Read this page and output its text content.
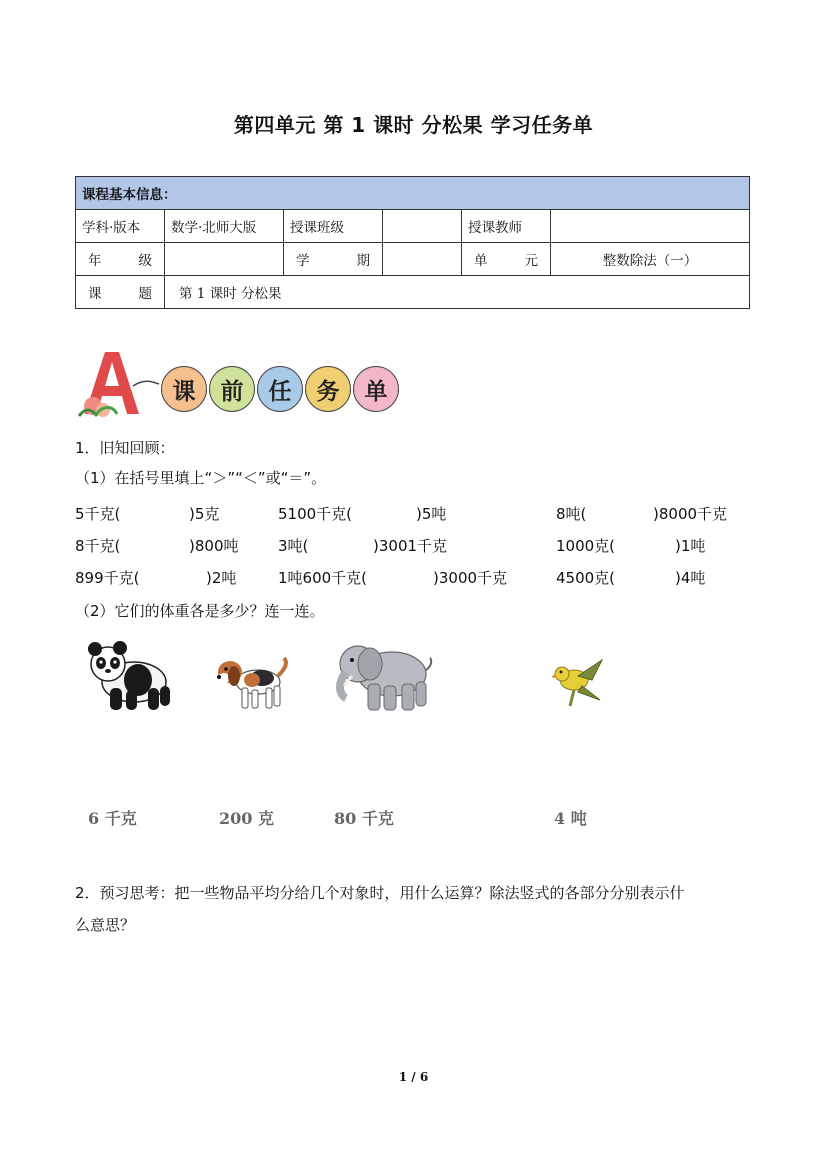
第四单元 第 1 课时 分松果 学习任务单
课程基本信息：					
学科·版本	数学·北师大版	授课班级		授课教师	

年 级		学 期		单 元	整数除法（一）

课 题	第 1 课时 分松果				
课	前	任	务	单
1．旧知回顾：
（1）在括号里填上“＞”“＜”或“＝”。
5千克(	)5克	5100千克(	)5吨	8吨(	)8000千克
8千克(	)800吨	3吨(	)3001千克	1000克(	)1吨
899千克(	)2吨	1吨600千克(	)3000千克	4500克(	)4吨
（2）它们的体重各是多少？连一连。
6 千克	200 克	80 千克	4 吨
2．预习思考：把一些物品平均分给几个对象时，用什么运算？除法竖式的各部分分别表示什
么意思？
1 / 6
